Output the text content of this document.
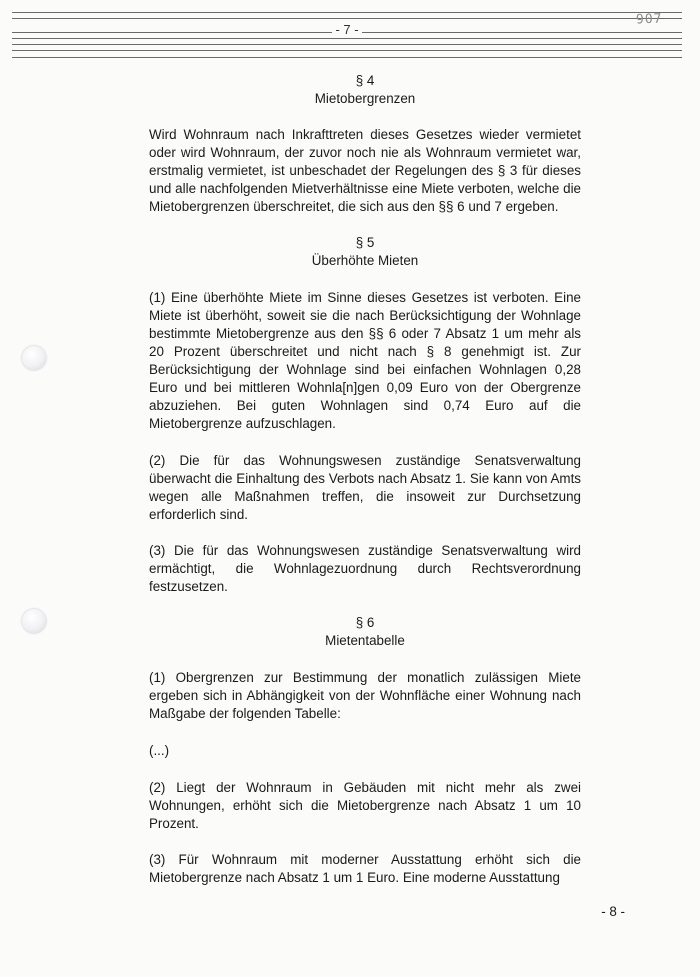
- 7 -
907
§ 4
Mietobergrenzen

Wird Wohnraum nach Inkrafttreten dieses Gesetzes wieder vermietet oder wird Wohnraum, der zuvor noch nie als Wohnraum vermietet war, erstmalig vermietet, ist unbeschadet der Regelungen des § 3 für dieses und alle nachfolgenden Mietverhältnisse eine Miete verboten, welche die Mietobergrenzen überschreitet, die sich aus den §§ 6 und 7 ergeben.

§ 5
Überhöhte Mieten

(1) Eine überhöhte Miete im Sinne dieses Gesetzes ist verboten. Eine Miete ist überhöht, soweit sie die nach Berücksichtigung der Wohnlage bestimmte Mietobergrenze aus den §§ 6 oder 7 Absatz 1 um mehr als 20 Prozent überschreitet und nicht nach § 8 genehmigt ist. Zur Berücksichtigung der Wohnlage sind bei einfachen Wohnlagen 0,28 Euro und bei mittleren Wohnla[n]gen 0,09 Euro von der Obergrenze abzuziehen. Bei guten Wohnlagen sind 0,74 Euro auf die Mietobergrenze aufzuschlagen.

(2) Die für das Wohnungswesen zuständige Senatsverwaltung überwacht die Einhaltung des Verbots nach Absatz 1. Sie kann von Amts wegen alle Maßnahmen treffen, die insoweit zur Durchsetzung erforderlich sind.

(3) Die für das Wohnungswesen zuständige Senatsverwaltung wird ermächtigt, die Wohnlagezuordnung durch Rechtsverordnung festzusetzen.

§ 6
Mietentabelle

(1) Obergrenzen zur Bestimmung der monatlich zulässigen Miete ergeben sich in Abhängigkeit von der Wohnfläche einer Wohnung nach Maßgabe der folgenden Tabelle:

(...)

(2) Liegt der Wohnraum in Gebäuden mit nicht mehr als zwei Wohnungen, erhöht sich die Mietobergrenze nach Absatz 1 um 10 Prozent.

(3) Für Wohnraum mit moderner Ausstattung erhöht sich die Mietobergrenze nach Absatz 1 um 1 Euro. Eine moderne Ausstattung

- 8 -
